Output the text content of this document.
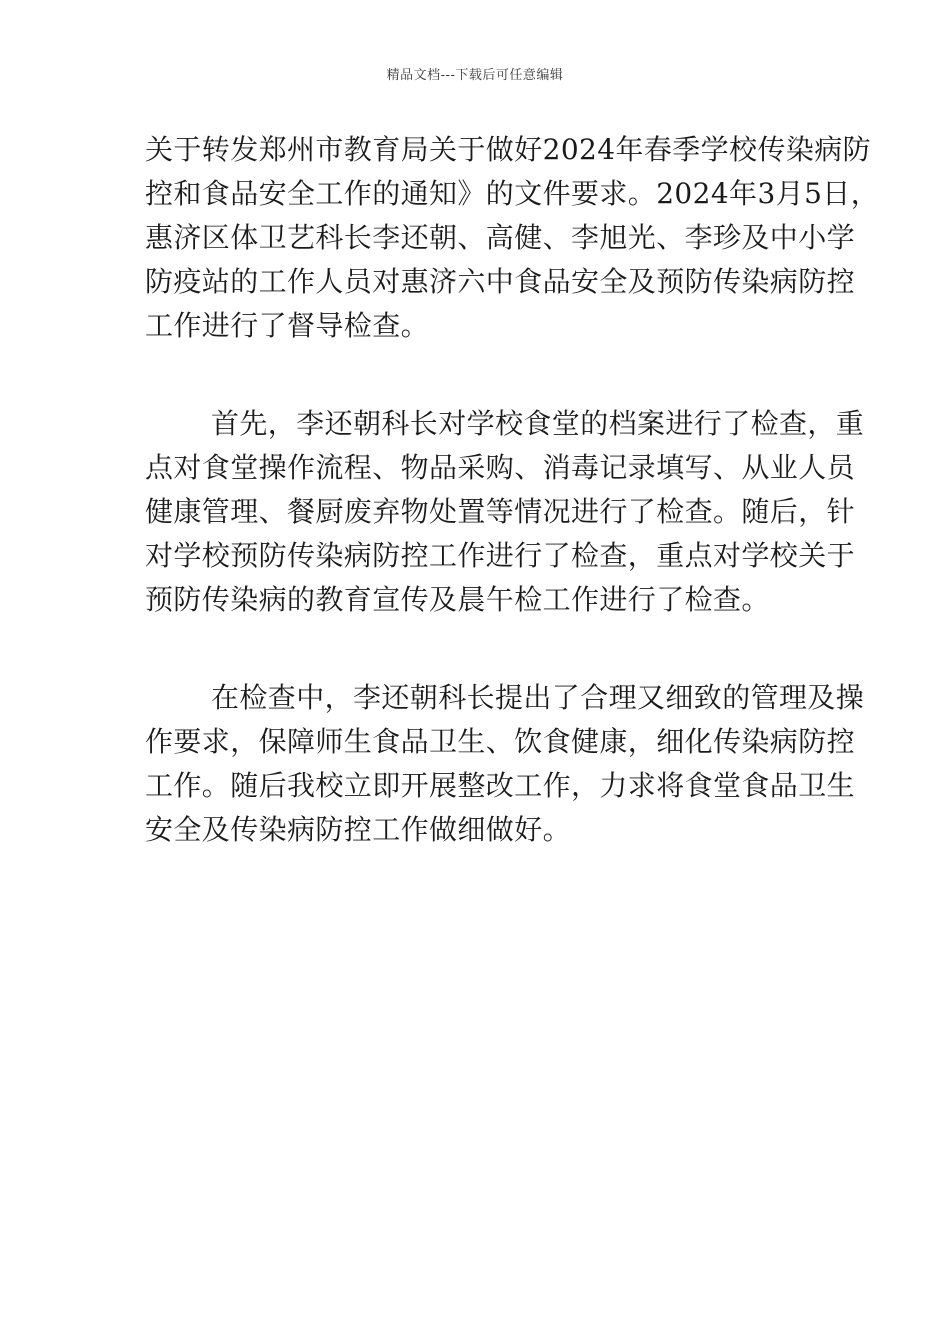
精品文档---下载后可任意编辑
关于转发郑州市教育局关于做好2024年春季学校传染病防
控和食品安全工作的通知》的文件要求。2024年3月5日，
惠济区体卫艺科长李还朝、高健、李旭光、李珍及中小学
防疫站的工作人员对惠济六中食品安全及预防传染病防控
工作进行了督导检查。
首先，李还朝科长对学校食堂的档案进行了检查，重
点对食堂操作流程、物品采购、消毒记录填写、从业人员
健康管理、餐厨废弃物处置等情况进行了检查。随后，针
对学校预防传染病防控工作进行了检查，重点对学校关于
预防传染病的教育宣传及晨午检工作进行了检查。
在检查中，李还朝科长提出了合理又细致的管理及操
作要求，保障师生食品卫生、饮食健康，细化传染病防控
工作。随后我校立即开展整改工作，力求将食堂食品卫生
安全及传染病防控工作做细做好。
